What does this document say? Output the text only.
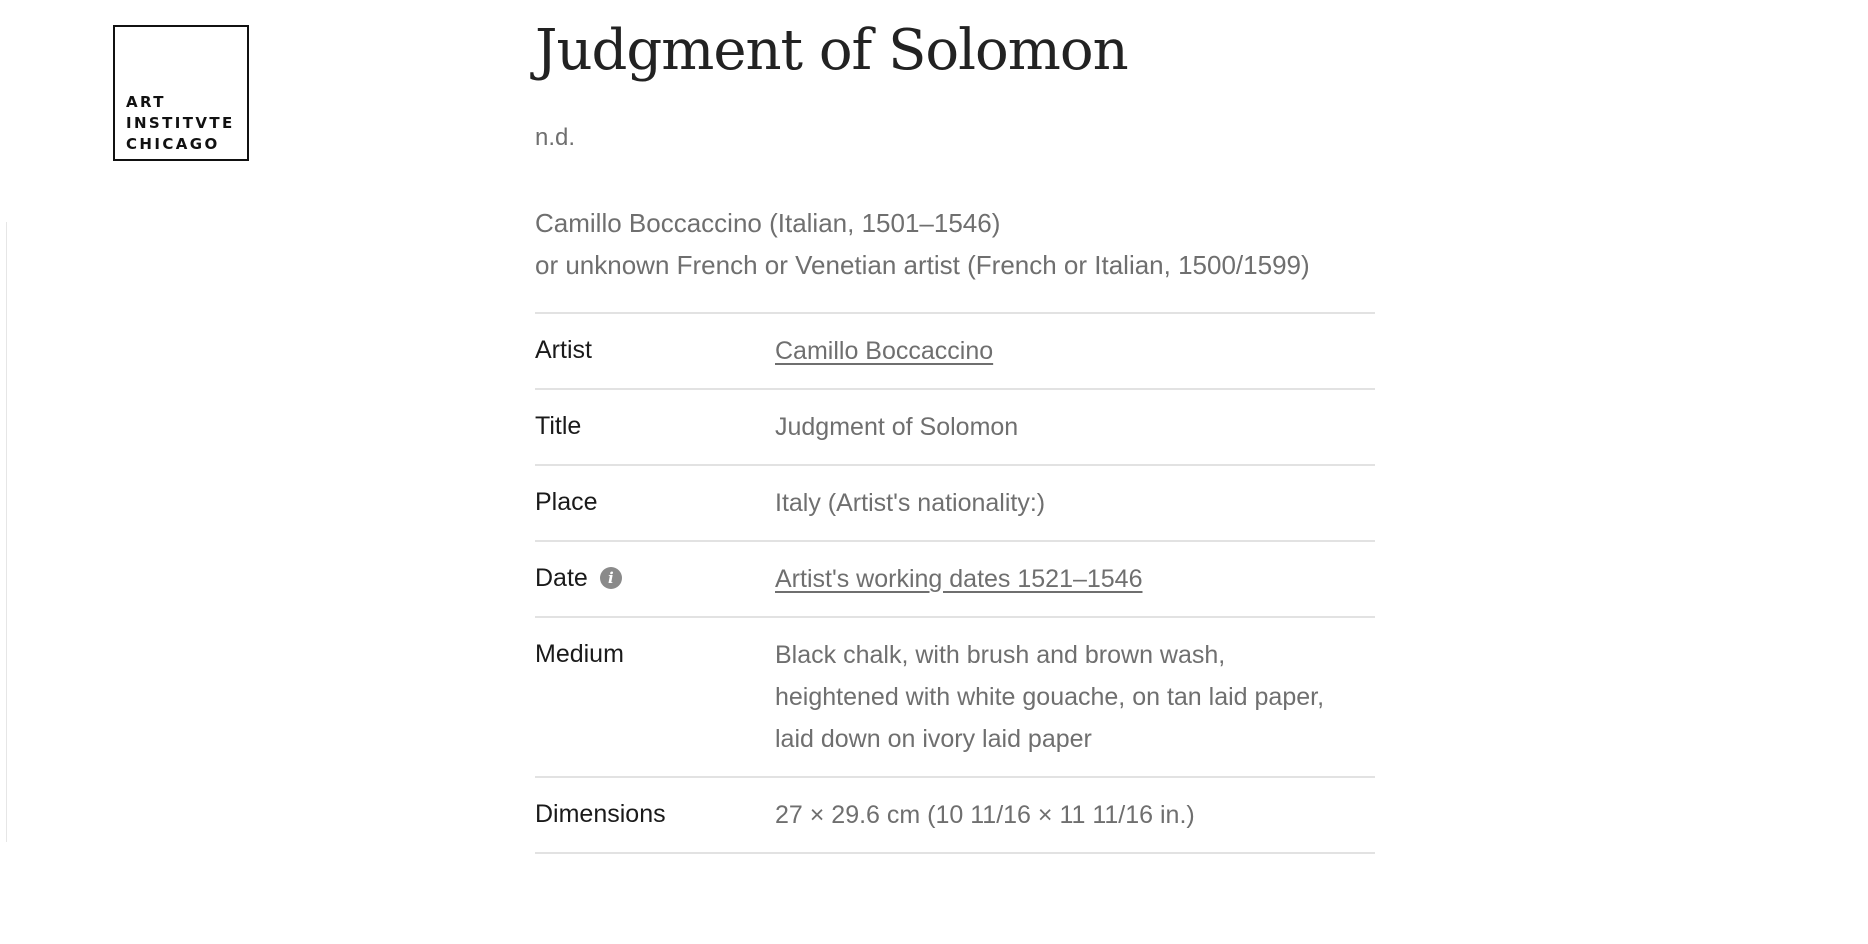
ART
INSTITVTE
CHICAGO
Judgment of Solomon
n.d.
Camillo Boccaccino (Italian, 1501–1546)
or unknown French or Venetian artist (French or Italian, 1500/1599)
Artist	Camillo Boccaccino
Title	Judgment of Solomon
Place	Italy (Artist's nationality:)
Date	i	Artist's working dates 1521–1546
Medium	Black chalk, with brush and brown wash, heightened with white gouache, on tan laid paper, laid down on ivory laid paper
Dimensions	27 × 29.6 cm (10 11/16 × 11 11/16 in.)
